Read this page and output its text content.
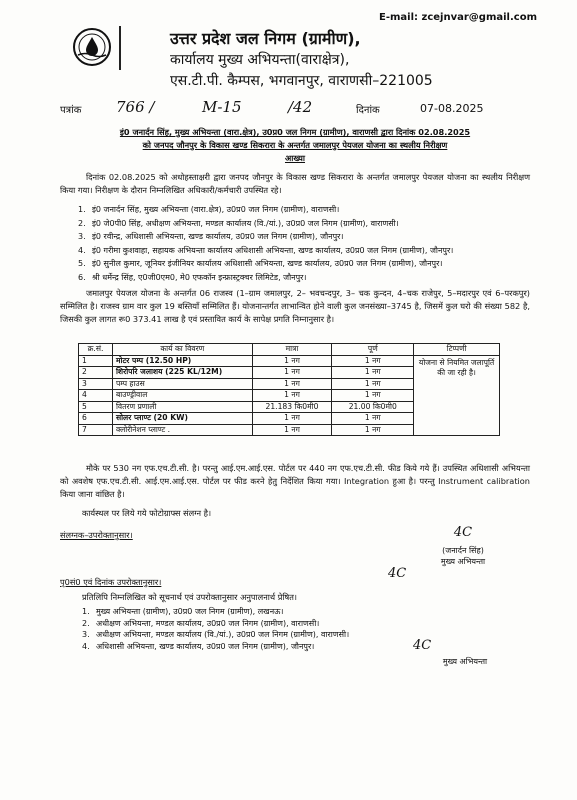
E-mail: zcejnvar@gmail.com
उत्तर प्रदेश जल निगम (ग्रामीण),
कार्यालय मुख्य अभियन्ता(वाराक्षेत्र),
एस.टी.पी. कैम्पस, भगवानपुर, वाराणसी–221005
पत्रांक 766 /	M-15	/42	दिनांक	07-08.2025
इं0 जनार्दन सिंह, मुख्य अभियन्ता (वारा.क्षेत्र), उ0प्र0 जल निगम (ग्रामीण), वाराणसी द्वारा दिनांक 02.08.2025
को जनपद जौनपुर के विकास खण्ड सिकरारा के अन्तर्गत जमालपुर पेयजल योजना का स्थलीय निरीक्षण
आख्या
दिनांक 02.08.2025 को अधोहस्ताक्षरी द्वारा जनपद जौनपुर के विकास खण्ड सिकरारा के अन्तर्गत जमालपुर पेयजल योजना का स्थलीय निरीक्षण किया गया। निरीक्षण के दौरान निम्नलिखित अधिकारी/कर्मचारी उपस्थित रहे।
1. इं0 जनार्दन सिंह, मुख्य अभियन्ता (वारा.क्षेत्र), उ0प्र0 जल निगम (ग्रामीण), वाराणसी।
2. इं0 जे0पी0 सिंह, अधीक्षण अभियन्ता, मण्डल कार्यालय (वि./यां.), उ0प्र0 जल निगम (ग्रामीण), वाराणसी।
3. इं0 रवीन्द्र, अधिशासी अभियन्ता, खण्ड कार्यालय, उ0प्र0 जल निगम (ग्रामीण), जौनपुर।
4. इं0 गरीमा कुशवाहा, सहायक अभियन्ता कार्यालय अधिशासी अभियन्ता, खण्ड कार्यालय, उ0प्र0 जल निगम (ग्रामीण), जौनपुर।
5. इं0 सुनील कुमार, जूनियर इंजीनियर कार्यालय अधिशासी अभियन्ता, खण्ड कार्यालय, उ0प्र0 जल निगम (ग्रामीण), जौनपुर।
6. श्री धर्मेन्द्र सिंह, ए0जी0एम0, मे0 एफकॉन इन्फ्रास्ट्रक्चर लिमिटेड, जौनपुर।
जमालपुर पेयजल योजना के अन्तर्गत 06 राजस्व (1–ग्राम जमालपुर, 2– भवचन्दपुर, 3– चक कुन्दन, 4–चक राजेपुर, 5–मदारपुर एवं 6–परकपुर) सम्मिलित है। राजस्व ग्राम वार कुल 19 बस्तियाँ सम्मिलित हैं। योजनान्तर्गत लाभान्वित होने वाली कुल जनसंख्या–3745 है, जिसमें कुल घरो की संख्या 582 है, जिसकी कुल लागत रू0 373.41 लाख है एवं प्रस्तावित कार्य के सापेक्ष प्रगति निम्नानुसार है।
क्र.सं.	कार्य का विवरण	मात्रा	पूर्ण	टिप्पणी
1	मोटर पम्प (12.50 HP)	1 नग	1 नग	योजना से नियमित जलापूर्ति की जा रही है।
2	शिरोपरि जलाशय (225 KL/12M)	1 नग	1 नग	
3	पम्प हाउस	1 नग	1 नग	
4	बाउण्ड्रीवाल	1 नग	1 नग	
5	वितरण प्रणाली	21.183 कि0मी0	21.00 कि0मी0	
6	सोलर प्लाण्ट (20 KW)	1 नग	1 नग	
7	क्लोरीनेशन प्लाण्ट .	1 नग	1 नग	
मौके पर 530 नग एफ.एच.टी.सी. है। परन्तु आई.एम.आई.एस. पोर्टल पर 440 नग एफ.एच.टी.सी. फीड किये गये हैं। उपस्थित अधिशासी अभियन्ता को अवशेष एफ.एच.टी.सी. आई.एम.आई.एस. पोर्टल पर फीड करने हेतु निर्देशित किया गया। Integration हुआ है। परन्तु Instrument calibration किया जाना वांछित है।
कार्यस्थल पर लिये गये फोटोग्राफ्स संलग्न है।
संलग्नक–उपरोक्तानुसार।	4C
(जनार्दन सिंह)
मुख्य अभियन्ता
4C
पृ0सं0 एवं दिनांक उपरोक्तानुसार।
प्रतिलिपि निम्नलिखित को सूचनार्थ एवं उपरोक्तानुसार अनुपालनार्थ प्रेषित।
1. मुख्य अभियन्ता (ग्रामीण), उ0प्र0 जल निगम (ग्रामीण), लखनऊ।
2. अधीक्षण अभियन्ता, मण्डल कार्यालय, उ0प्र0 जल निगम (ग्रामीण), वाराणसी।
3. अधीक्षण अभियन्ता, मण्डल कार्यालय (वि./यां.), उ0प्र0 जल निगम (ग्रामीण), वाराणसी।
4. अधिशासी अभियन्ता, खण्ड कार्यालय, उ0प्र0 जल निगम (ग्रामीण), जौनपुर।	4C
मुख्य अभियन्ता
